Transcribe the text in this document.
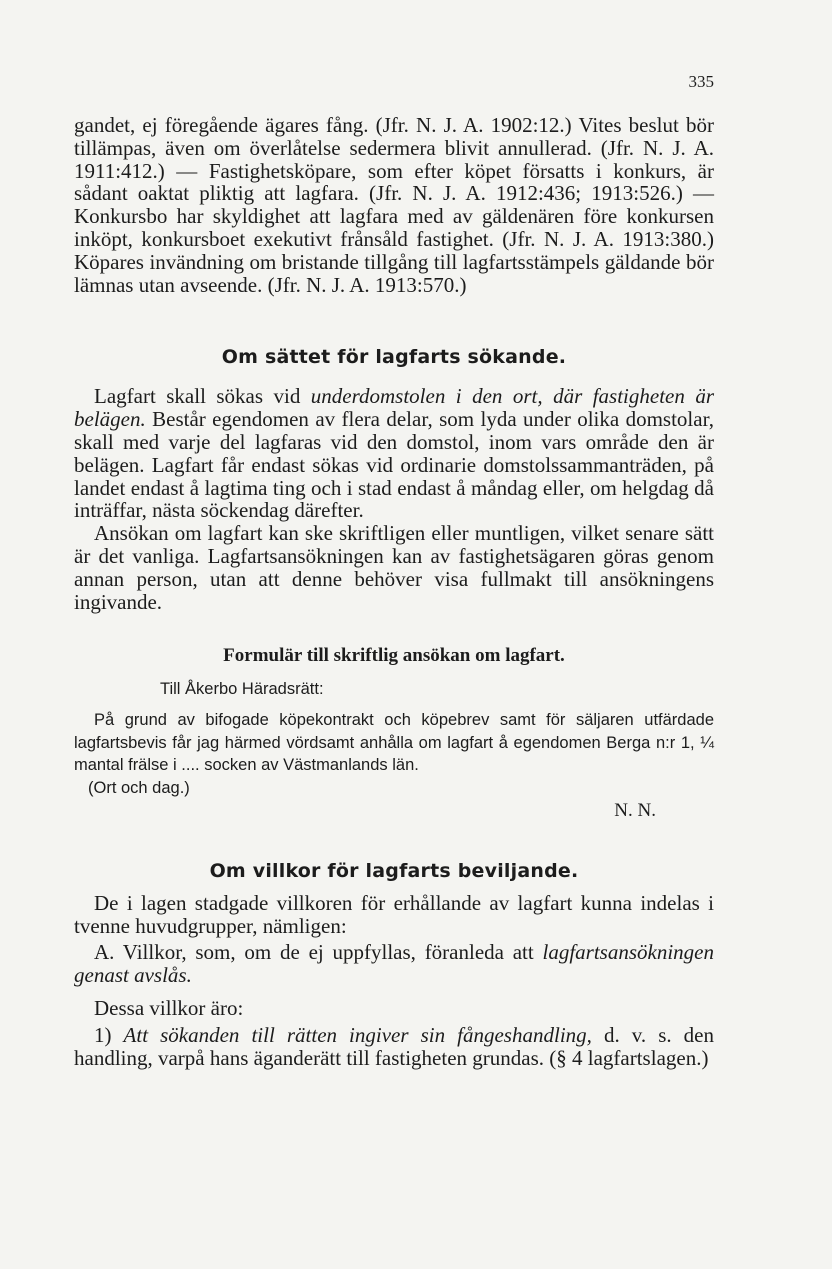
335

gandet, ej föregående ägares fång. (Jfr. N. J. A. 1902:12.) Vites beslut bör tillämpas, även om överlåtelse sedermera blivit annullerad. (Jfr. N. J. A. 1911:412.) — Fastighetsköpare, som efter köpet försatts i konkurs, är sådant oaktat pliktig att lagfara. (Jfr. N. J. A. 1912:436; 1913:526.) — Konkursbo har skyldighet att lagfara med av gäldenären före konkursen inköpt, konkursboet exekutivt frånsåld fastighet. (Jfr. N. J. A. 1913:380.) Köpares invändning om bristande tillgång till lagfartsstämpels gäldande bör lämnas utan avseende. (Jfr. N. J. A. 1913:570.)

Om sättet för lagfarts sökande.

Lagfart skall sökas vid underdomstolen i den ort, där fastigheten är belägen. Består egendomen av flera delar, som lyda under olika domstolar, skall med varje del lagfaras vid den domstol, inom vars område den är belägen. Lagfart får endast sökas vid ordinarie domstolssammanträden, på landet endast å lagtima ting och i stad endast å måndag eller, om helgdag då inträffar, nästa söckendag därefter.

Ansökan om lagfart kan ske skriftligen eller muntligen, vilket senare sätt är det vanliga. Lagfartsansökningen kan av fastighetsägaren göras genom annan person, utan att denne behöver visa fullmakt till ansökningens ingivande.

Formulär till skriftlig ansökan om lagfart.
Till Åkerbo Häradsrätt:

På grund av bifogade köpekontrakt och köpebrev samt för säljaren utfärdade lagfartsbevis får jag härmed vördsamt anhålla om lagfart å egendomen Berga n:r 1, ¼ mantal frälse i .... socken av Västmanlands län.

(Ort och dag.)
N. N.
Om villkor för lagfarts beviljande.

De i lagen stadgade villkoren för erhållande av lagfart kunna indelas i tvenne huvudgrupper, nämligen:

A. Villkor, som, om de ej uppfyllas, föranleda att lagfartsansökningen genast avslås.

Dessa villkor äro:

1) Att sökanden till rätten ingiver sin fångeshandling, d. v. s. den handling, varpå hans äganderätt till fastigheten grundas. (§ 4 lagfartslagen.)
